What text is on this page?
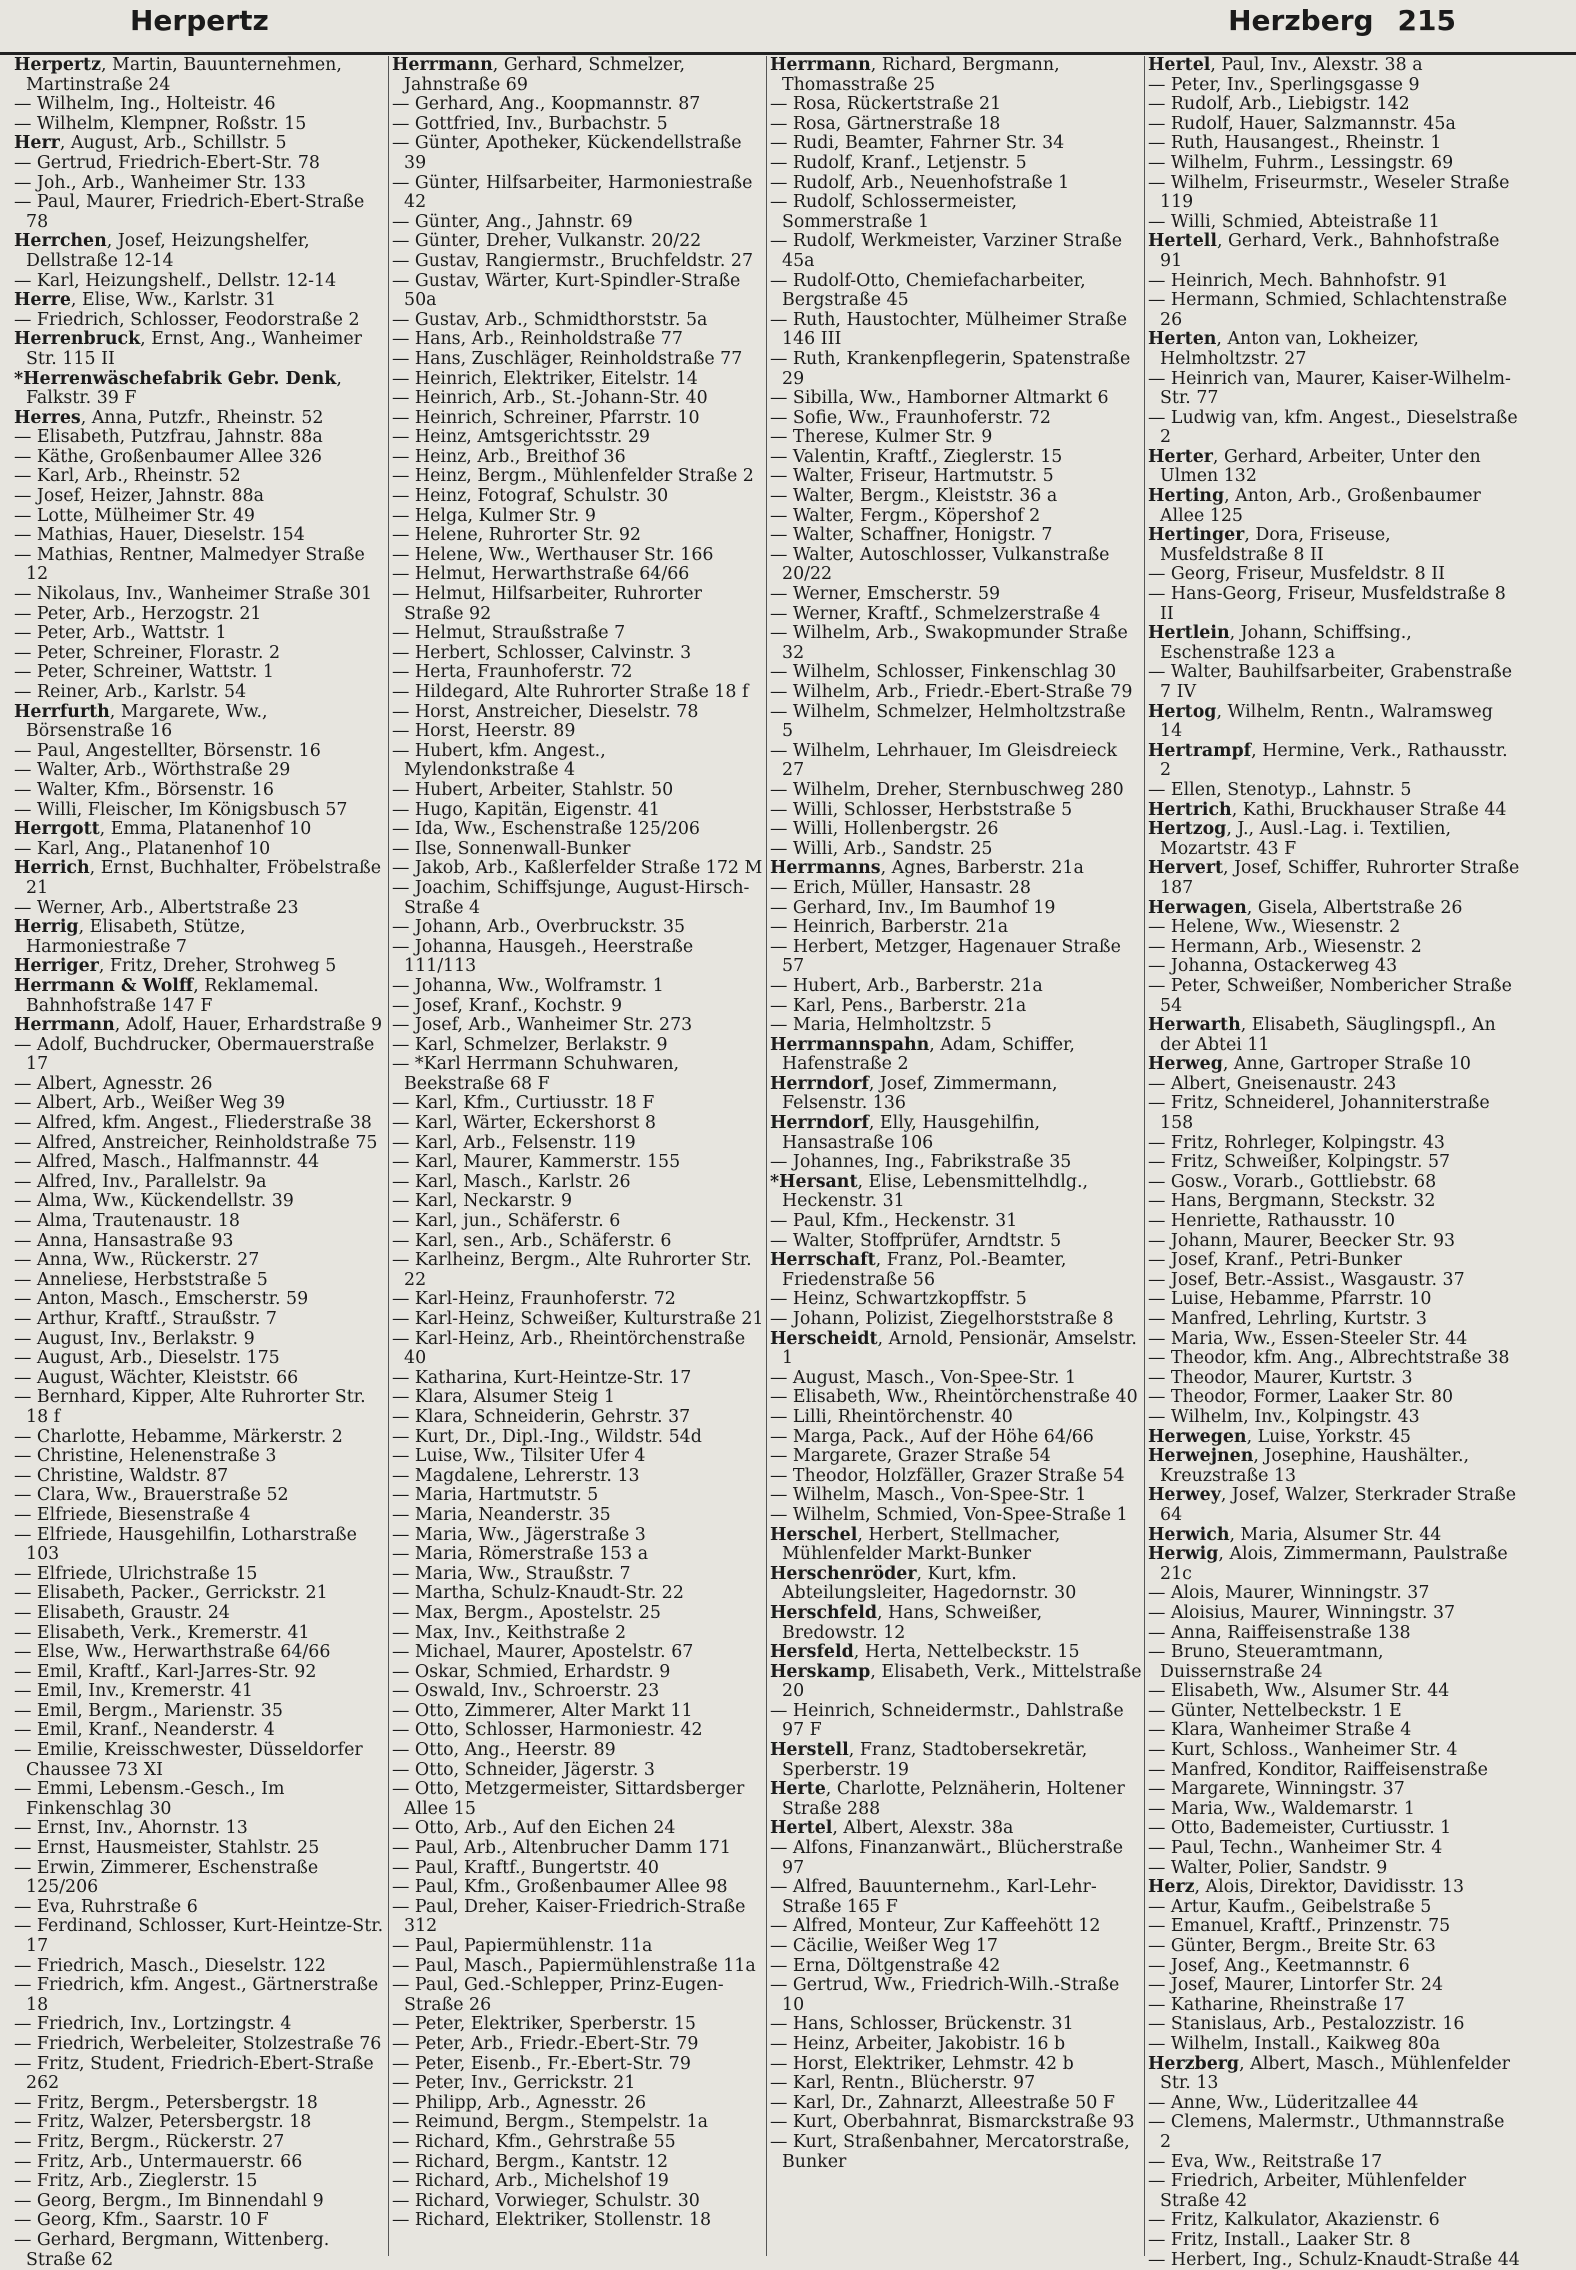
Herpertz	Herzberg 215

Herpertz, Martin, Bauunternehmen, Martinstraße 24

— Wilhelm, Ing., Holteistr. 46

— Wilhelm, Klempner, Roßstr. 15

Herr, August, Arb., Schillstr. 5

— Gertrud, Friedrich-Ebert-Str. 78

— Joh., Arb., Wanheimer Str. 133

— Paul, Maurer, Friedrich-Ebert-Straße 78

Herrchen, Josef, Heizungshelfer, Dellstraße 12-14

— Karl, Heizungshelf., Dellstr. 12-14

Herre, Elise, Ww., Karlstr. 31

— Friedrich, Schlosser, Feodorstraße 2

Herrenbruck, Ernst, Ang., Wanheimer Str. 115 II

*Herrenwäschefabrik Gebr. Denk, Falkstr. 39 F

Herres, Anna, Putzfr., Rheinstr. 52

— Elisabeth, Putzfrau, Jahnstr. 88a

— Käthe, Großenbaumer Allee 326

— Karl, Arb., Rheinstr. 52

— Josef, Heizer, Jahnstr. 88a

— Lotte, Mülheimer Str. 49

— Mathias, Hauer, Dieselstr. 154

— Mathias, Rentner, Malmedyer Straße 12

— Nikolaus, Inv., Wanheimer Straße 301

— Peter, Arb., Herzogstr. 21

— Peter, Arb., Wattstr. 1

— Peter, Schreiner, Florastr. 2

— Peter, Schreiner, Wattstr. 1

— Reiner, Arb., Karlstr. 54

Herrfurth, Margarete, Ww., Börsenstraße 16

— Paul, Angestellter, Börsenstr. 16

— Walter, Arb., Wörthstraße 29

— Walter, Kfm., Börsenstr. 16

— Willi, Fleischer, Im Königsbusch 57

Herrgott, Emma, Platanenhof 10

— Karl, Ang., Platanenhof 10

Herrich, Ernst, Buchhalter, Fröbelstraße 21

— Werner, Arb., Albertstraße 23

Herrig, Elisabeth, Stütze, Harmoniestraße 7

Herriger, Fritz, Dreher, Strohweg 5

Herrmann & Wolff, Reklamemal. Bahnhofstraße 147 F

Herrmann, Adolf, Hauer, Erhardstraße 9

— Adolf, Buchdrucker, Obermauerstraße 17

— Albert, Agnesstr. 26

— Albert, Arb., Weißer Weg 39

— Alfred, kfm. Angest., Fliederstraße 38

— Alfred, Anstreicher, Reinholdstraße 75

— Alfred, Masch., Halfmannstr. 44

— Alfred, Inv., Parallelstr. 9a

— Alma, Ww., Kückendellstr. 39

— Alma, Trautenaustr. 18

— Anna, Hansastraße 93

— Anna, Ww., Rückerstr. 27

— Anneliese, Herbststraße 5

— Anton, Masch., Emscherstr. 59

— Arthur, Kraftf., Straußstr. 7

— August, Inv., Berlakstr. 9

— August, Arb., Dieselstr. 175

— August, Wächter, Kleiststr. 66

— Bernhard, Kipper, Alte Ruhrorter Str. 18 f

— Charlotte, Hebamme, Märkerstr. 2

— Christine, Helenenstraße 3

— Christine, Waldstr. 87

— Clara, Ww., Brauerstraße 52

— Elfriede, Biesenstraße 4

— Elfriede, Hausgehilfin, Lotharstraße 103

— Elfriede, Ulrichstraße 15

— Elisabeth, Packer., Gerrickstr. 21

— Elisabeth, Graustr. 24

— Elisabeth, Verk., Kremerstr. 41

— Else, Ww., Herwarthstraße 64/66

— Emil, Kraftf., Karl-Jarres-Str. 92

— Emil, Inv., Kremerstr. 41

— Emil, Bergm., Marienstr. 35

— Emil, Kranf., Neanderstr. 4

— Emilie, Kreisschwester, Düsseldorfer Chaussee 73 XI

— Emmi, Lebensm.-Gesch., Im Finkenschlag 30

— Ernst, Inv., Ahornstr. 13

— Ernst, Hausmeister, Stahlstr. 25

— Erwin, Zimmerer, Eschenstraße 125/206

— Eva, Ruhrstraße 6

— Ferdinand, Schlosser, Kurt-Heintze-Str. 17

— Friedrich, Masch., Dieselstr. 122

— Friedrich, kfm. Angest., Gärtnerstraße 18

— Friedrich, Inv., Lortzingstr. 4

— Friedrich, Werbeleiter, Stolzestraße 76

— Fritz, Student, Friedrich-Ebert-Straße 262

— Fritz, Bergm., Petersbergstr. 18

— Fritz, Walzer, Petersbergstr. 18

— Fritz, Bergm., Rückerstr. 27

— Fritz, Arb., Untermauerstr. 66

— Fritz, Arb., Zieglerstr. 15

— Georg, Bergm., Im Binnendahl 9

— Georg, Kfm., Saarstr. 10 F

— Gerhard, Bergmann, Wittenberg. Straße 62

Herrmann, Gerhard, Schmelzer, Jahnstraße 69

— Gerhard, Ang., Koopmannstr. 87

— Gottfried, Inv., Burbachstr. 5

— Günter, Apotheker, Kückendellstraße 39

— Günter, Hilfsarbeiter, Harmoniestraße 42

— Günter, Ang., Jahnstr. 69

— Günter, Dreher, Vulkanstr. 20/22

— Gustav, Rangiermstr., Bruchfeldstr. 27

— Gustav, Wärter, Kurt-Spindler-Straße 50a

— Gustav, Arb., Schmidthorststr. 5a

— Hans, Arb., Reinholdstraße 77

— Hans, Zuschläger, Reinholdstraße 77

— Heinrich, Elektriker, Eitelstr. 14

— Heinrich, Arb., St.-Johann-Str. 40

— Heinrich, Schreiner, Pfarrstr. 10

— Heinz, Amtsgerichtsstr. 29

— Heinz, Arb., Breithof 36

— Heinz, Bergm., Mühlenfelder Straße 2

— Heinz, Fotograf, Schulstr. 30

— Helga, Kulmer Str. 9

— Helene, Ruhrorter Str. 92

— Helene, Ww., Werthauser Str. 166

— Helmut, Herwarthstraße 64/66

— Helmut, Hilfsarbeiter, Ruhrorter Straße 92

— Helmut, Straußstraße 7

— Herbert, Schlosser, Calvinstr. 3

— Herta, Fraunhoferstr. 72

— Hildegard, Alte Ruhrorter Straße 18 f

— Horst, Anstreicher, Dieselstr. 78

— Horst, Heerstr. 89

— Hubert, kfm. Angest., Mylendonkstraße 4

— Hubert, Arbeiter, Stahlstr. 50

— Hugo, Kapitän, Eigenstr. 41

— Ida, Ww., Eschenstraße 125/206

— Ilse, Sonnenwall-Bunker

— Jakob, Arb., Kaßlerfelder Straße 172 M

— Joachim, Schiffsjunge, August-Hirsch-Straße 4

— Johann, Arb., Overbruckstr. 35

— Johanna, Hausgeh., Heerstraße 111/113

— Johanna, Ww., Wolframstr. 1

— Josef, Kranf., Kochstr. 9

— Josef, Arb., Wanheimer Str. 273

— Karl, Schmelzer, Berlakstr. 9

— *Karl Herrmann Schuhwaren, Beekstraße 68 F

— Karl, Kfm., Curtiusstr. 18 F

— Karl, Wärter, Eckershorst 8

— Karl, Arb., Felsenstr. 119

— Karl, Maurer, Kammerstr. 155

— Karl, Masch., Karlstr. 26

— Karl, Neckarstr. 9

— Karl, jun., Schäferstr. 6

— Karl, sen., Arb., Schäferstr. 6

— Karlheinz, Bergm., Alte Ruhrorter Str. 22

— Karl-Heinz, Fraunhoferstr. 72

— Karl-Heinz, Schweißer, Kulturstraße 21

— Karl-Heinz, Arb., Rheintörchenstraße 40

— Katharina, Kurt-Heintze-Str. 17

— Klara, Alsumer Steig 1

— Klara, Schneiderin, Gehrstr. 37

— Kurt, Dr., Dipl.-Ing., Wildstr. 54d

— Luise, Ww., Tilsiter Ufer 4

— Magdalene, Lehrerstr. 13

— Maria, Hartmutstr. 5

— Maria, Neanderstr. 35

— Maria, Ww., Jägerstraße 3

— Maria, Römerstraße 153 a

— Maria, Ww., Straußstr. 7

— Martha, Schulz-Knaudt-Str. 22

— Max, Bergm., Apostelstr. 25

— Max, Inv., Keithstraße 2

— Michael, Maurer, Apostelstr. 67

— Oskar, Schmied, Erhardstr. 9

— Oswald, Inv., Schroerstr. 23

— Otto, Zimmerer, Alter Markt 11

— Otto, Schlosser, Harmoniestr. 42

— Otto, Ang., Heerstr. 89

— Otto, Schneider, Jägerstr. 3

— Otto, Metzgermeister, Sittardsberger Allee 15

— Otto, Arb., Auf den Eichen 24

— Paul, Arb., Altenbrucher Damm 171

— Paul, Kraftf., Bungertstr. 40

— Paul, Kfm., Großenbaumer Allee 98

— Paul, Dreher, Kaiser-Friedrich-Straße 312

— Paul, Papiermühlenstr. 11a

— Paul, Masch., Papiermühlenstraße 11a

— Paul, Ged.-Schlepper, Prinz-Eugen-Straße 26

— Peter, Elektriker, Sperberstr. 15

— Peter, Arb., Friedr.-Ebert-Str. 79

— Peter, Eisenb., Fr.-Ebert-Str. 79

— Peter, Inv., Gerrickstr. 21

— Philipp, Arb., Agnesstr. 26

— Reimund, Bergm., Stempelstr. 1a

— Richard, Kfm., Gehrstraße 55

— Richard, Bergm., Kantstr. 12

— Richard, Arb., Michelshof 19

— Richard, Vorwieger, Schulstr. 30

— Richard, Elektriker, Stollenstr. 18

Herrmann, Richard, Bergmann, Thomasstraße 25

— Rosa, Rückertstraße 21

— Rosa, Gärtnerstraße 18

— Rudi, Beamter, Fahrner Str. 34

— Rudolf, Kranf., Letjenstr. 5

— Rudolf, Arb., Neuenhofstraße 1

— Rudolf, Schlossermeister, Sommerstraße 1

— Rudolf, Werkmeister, Varziner Straße 45a

— Rudolf-Otto, Chemiefacharbeiter, Bergstraße 45

— Ruth, Haustochter, Mülheimer Straße 146 III

— Ruth, Krankenpflegerin, Spatenstraße 29

— Sibilla, Ww., Hamborner Altmarkt 6

— Sofie, Ww., Fraunhoferstr. 72

— Therese, Kulmer Str. 9

— Valentin, Kraftf., Zieglerstr. 15

— Walter, Friseur, Hartmutstr. 5

— Walter, Bergm., Kleiststr. 36 a

— Walter, Fergm., Köpershof 2

— Walter, Schaffner, Honigstr. 7

— Walter, Autoschlosser, Vulkanstraße 20/22

— Werner, Emscherstr. 59

— Werner, Kraftf., Schmelzerstraße 4

— Wilhelm, Arb., Swakopmunder Straße 32

— Wilhelm, Schlosser, Finkenschlag 30

— Wilhelm, Arb., Friedr.-Ebert-Straße 79

— Wilhelm, Schmelzer, Helmholtzstraße 5

— Wilhelm, Lehrhauer, Im Gleisdreieck 27

— Wilhelm, Dreher, Sternbuschweg 280

— Willi, Schlosser, Herbststraße 5

— Willi, Hollenbergstr. 26

— Willi, Arb., Sandstr. 25

Herrmanns, Agnes, Barberstr. 21a

— Erich, Müller, Hansastr. 28

— Gerhard, Inv., Im Baumhof 19

— Heinrich, Barberstr. 21a

— Herbert, Metzger, Hagenauer Straße 57

— Hubert, Arb., Barberstr. 21a

— Karl, Pens., Barberstr. 21a

— Maria, Helmholtzstr. 5

Herrmannspahn, Adam, Schiffer, Hafenstraße 2

Herrndorf, Josef, Zimmermann, Felsenstr. 136

Herrndorf, Elly, Hausgehilfin, Hansastraße 106

— Johannes, Ing., Fabrikstraße 35

*Hersant, Elise, Lebensmittelhdlg., Heckenstr. 31

— Paul, Kfm., Heckenstr. 31

— Walter, Stoffprüfer, Arndtstr. 5

Herrschaft, Franz, Pol.-Beamter, Friedenstraße 56

— Heinz, Schwartzkopffstr. 5

— Johann, Polizist, Ziegelhorststraße 8

Herscheidt, Arnold, Pensionär, Amselstr. 1

— August, Masch., Von-Spee-Str. 1

— Elisabeth, Ww., Rheintörchenstraße 40

— Lilli, Rheintörchenstr. 40

— Marga, Pack., Auf der Höhe 64/66

— Margarete, Grazer Straße 54

— Theodor, Holzfäller, Grazer Straße 54

— Wilhelm, Masch., Von-Spee-Str. 1

— Wilhelm, Schmied, Von-Spee-Straße 1

Herschel, Herbert, Stellmacher, Mühlenfelder Markt-Bunker

Herschenröder, Kurt, kfm. Abteilungsleiter, Hagedornstr. 30

Herschfeld, Hans, Schweißer, Bredowstr. 12

Hersfeld, Herta, Nettelbeckstr. 15

Herskamp, Elisabeth, Verk., Mittelstraße 20

— Heinrich, Schneidermstr., Dahlstraße 97 F

Herstell, Franz, Stadtobersekretär, Sperberstr. 19

Herte, Charlotte, Pelznäherin, Holtener Straße 288

Hertel, Albert, Alexstr. 38a

— Alfons, Finanzanwärt., Blücherstraße 97

— Alfred, Bauunternehm., Karl-Lehr-Straße 165 F

— Alfred, Monteur, Zur Kaffeehött 12

— Cäcilie, Weißer Weg 17

— Erna, Döltgenstraße 42

— Gertrud, Ww., Friedrich-Wilh.-Straße 10

— Hans, Schlosser, Brückenstr. 31

— Heinz, Arbeiter, Jakobistr. 16 b

— Horst, Elektriker, Lehmstr. 42 b

— Karl, Rentn., Blücherstr. 97

— Karl, Dr., Zahnarzt, Alleestraße 50 F

— Kurt, Oberbahnrat, Bismarckstraße 93

— Kurt, Straßenbahner, Mercatorstraße, Bunker

Hertel, Paul, Inv., Alexstr. 38 a

— Peter, Inv., Sperlingsgasse 9

— Rudolf, Arb., Liebigstr. 142

— Rudolf, Hauer, Salzmannstr. 45a

— Ruth, Hausangest., Rheinstr. 1

— Wilhelm, Fuhrm., Lessingstr. 69

— Wilhelm, Friseurmstr., Weseler Straße 119

— Willi, Schmied, Abteistraße 11

Hertell, Gerhard, Verk., Bahnhofstraße 91

— Heinrich, Mech. Bahnhofstr. 91

— Hermann, Schmied, Schlachtenstraße 26

Herten, Anton van, Lokheizer, Helmholtzstr. 27

— Heinrich van, Maurer, Kaiser-Wilhelm-Str. 77

— Ludwig van, kfm. Angest., Dieselstraße 2

Herter, Gerhard, Arbeiter, Unter den Ulmen 132

Herting, Anton, Arb., Großenbaumer Allee 125

Hertinger, Dora, Friseuse, Musfeldstraße 8 II

— Georg, Friseur, Musfeldstr. 8 II

— Hans-Georg, Friseur, Musfeldstraße 8 II

Hertlein, Johann, Schiffsing., Eschenstraße 123 a

— Walter, Bauhilfsarbeiter, Grabenstraße 7 IV

Hertog, Wilhelm, Rentn., Walramsweg 14

Hertrampf, Hermine, Verk., Rathausstr. 2

— Ellen, Stenotyp., Lahnstr. 5

Hertrich, Kathi, Bruckhauser Straße 44

Hertzog, J., Ausl.-Lag. i. Textilien, Mozartstr. 43 F

Hervert, Josef, Schiffer, Ruhrorter Straße 187

Herwagen, Gisela, Albertstraße 26

— Helene, Ww., Wiesenstr. 2

— Hermann, Arb., Wiesenstr. 2

— Johanna, Ostackerweg 43

— Peter, Schweißer, Nombericher Straße 54

Herwarth, Elisabeth, Säuglingspfl., An der Abtei 11

Herweg, Anne, Gartroper Straße 10

— Albert, Gneisenaustr. 243

— Fritz, Schneiderel, Johanniterstraße 158

— Fritz, Rohrleger, Kolpingstr. 43

— Fritz, Schweißer, Kolpingstr. 57

— Gosw., Vorarb., Gottliebstr. 68

— Hans, Bergmann, Steckstr. 32

— Henriette, Rathausstr. 10

— Johann, Maurer, Beecker Str. 93

— Josef, Kranf., Petri-Bunker

— Josef, Betr.-Assist., Wasgaustr. 37

— Luise, Hebamme, Pfarrstr. 10

— Manfred, Lehrling, Kurtstr. 3

— Maria, Ww., Essen-Steeler Str. 44

— Theodor, kfm. Ang., Albrechtstraße 38

— Theodor, Maurer, Kurtstr. 3

— Theodor, Former, Laaker Str. 80

— Wilhelm, Inv., Kolpingstr. 43

Herwegen, Luise, Yorkstr. 45

Herwejnen, Josephine, Haushälter., Kreuzstraße 13

Herwey, Josef, Walzer, Sterkrader Straße 64

Herwich, Maria, Alsumer Str. 44

Herwig, Alois, Zimmermann, Paulstraße 21c

— Alois, Maurer, Winningstr. 37

— Aloisius, Maurer, Winningstr. 37

— Anna, Raiffeisenstraße 138

— Bruno, Steueramtmann, Duissernstraße 24

— Elisabeth, Ww., Alsumer Str. 44

— Günter, Nettelbeckstr. 1 E

— Klara, Wanheimer Straße 4

— Kurt, Schloss., Wanheimer Str. 4

— Manfred, Konditor, Raiffeisenstraße

— Margarete, Winningstr. 37

— Maria, Ww., Waldemarstr. 1

— Otto, Bademeister, Curtiusstr. 1

— Paul, Techn., Wanheimer Str. 4

— Walter, Polier, Sandstr. 9

Herz, Alois, Direktor, Davidisstr. 13

— Artur, Kaufm., Geibelstraße 5

— Emanuel, Kraftf., Prinzenstr. 75

— Günter, Bergm., Breite Str. 63

— Josef, Ang., Keetmannstr. 6

— Josef, Maurer, Lintorfer Str. 24

— Katharine, Rheinstraße 17

— Stanislaus, Arb., Pestalozzistr. 16

— Wilhelm, Install., Kaikweg 80a

Herzberg, Albert, Masch., Mühlenfelder Str. 13

— Anne, Ww., Lüderitzallee 44

— Clemens, Malermstr., Uthmannstraße 2

— Eva, Ww., Reitstraße 17

— Friedrich, Arbeiter, Mühlenfelder Straße 42

— Fritz, Kalkulator, Akazienstr. 6

— Fritz, Install., Laaker Str. 8

— Herbert, Ing., Schulz-Knaudt-Straße 44
